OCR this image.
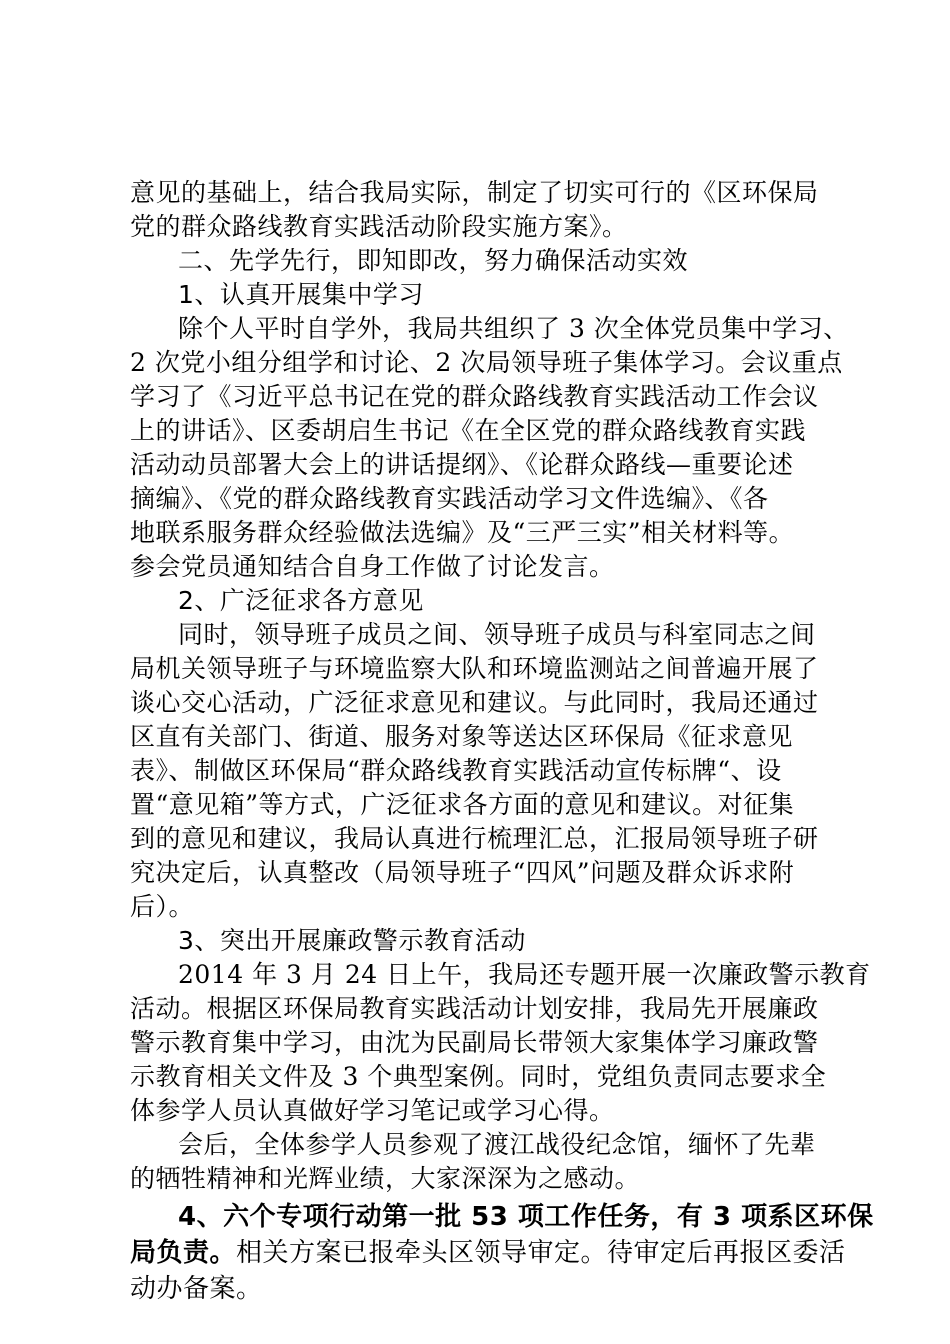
意见的基础上，结合我局实际，制定了切实可行的《区环保局
党的群众路线教育实践活动阶段实施方案》。
二、先学先行，即知即改，努力确保活动实效
1、认真开展集中学习
除个人平时自学外，我局共组织了 3 次全体党员集中学习、
2 次党小组分组学和讨论、2 次局领导班子集体学习。会议重点
学习了《习近平总书记在党的群众路线教育实践活动工作会议
上的讲话》、区委胡启生书记《在全区党的群众路线教育实践
活动动员部署大会上的讲话提纲》、《论群众路线—重要论述
摘编》、《党的群众路线教育实践活动学习文件选编》、《各
地联系服务群众经验做法选编》及“三严三实”相关材料等。
参会党员通知结合自身工作做了讨论发言。
2、广泛征求各方意见
同时，领导班子成员之间、领导班子成员与科室同志之间
局机关领导班子与环境监察大队和环境监测站之间普遍开展了
谈心交心活动，广泛征求意见和建议。与此同时，我局还通过
区直有关部门、街道、服务对象等送达区环保局《征求意见
表》、制做区环保局“群众路线教育实践活动宣传标牌“、设
置“意见箱”等方式，广泛征求各方面的意见和建议。对征集
到的意见和建议，我局认真进行梳理汇总，汇报局领导班子研
究决定后，认真整改（局领导班子“四风”问题及群众诉求附
后）。
3、突出开展廉政警示教育活动
2014 年 3 月 24 日上午，我局还专题开展一次廉政警示教育
活动。根据区环保局教育实践活动计划安排，我局先开展廉政
警示教育集中学习，由沈为民副局长带领大家集体学习廉政警
示教育相关文件及 3 个典型案例。同时，党组负责同志要求全
体参学人员认真做好学习笔记或学习心得。
会后，全体参学人员参观了渡江战役纪念馆，缅怀了先辈
的牺牲精神和光辉业绩，大家深深为之感动。
4、六个专项行动第一批 53 项工作任务，有 3 项系区环保
局负责。相关方案已报牵头区领导审定。待审定后再报区委活
动办备案。
